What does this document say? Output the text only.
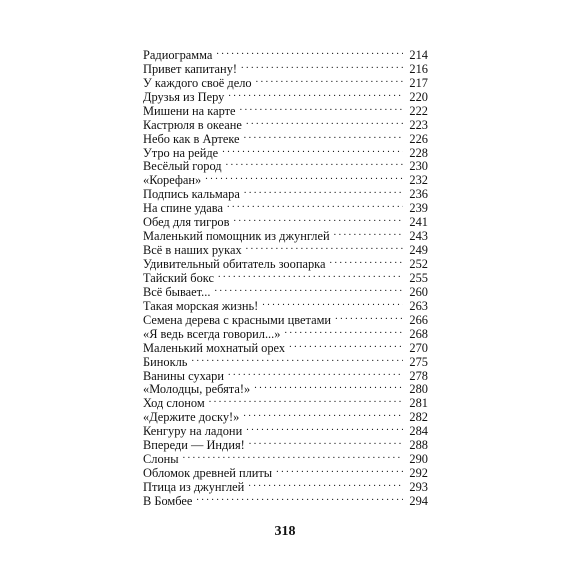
Радиограмма . . .	214
Привет капитану! . . .	216
У каждого своё дело . . .	217
Друзья из Перу . . .	220
Мишени на карте . . .	222
Кастрюля в океане . . .	223
Небо как в Артеке . . .	226
Утро на рейде . . .	228
Весёлый город . . .	230
«Корефан» . . .	232
Подпись кальмара . . .	236
На спине удава . . .	239
Обед для тигров . . .	241
Маленький помощник из джунглей . . .	243
Всё в наших руках . . .	249
Удивительный обитатель зоопарка . . .	252
Тайский бокс . . .	255
Всё бывает... . . .	260
Такая морская жизнь! . . .	263
Семена дерева с красными цветами . . .	266
«Я ведь всегда говорил...» . . .	268
Маленький мохнатый орех . . .	270
Бинокль . . .	275
Ванины сухари . . .	278
«Молодцы, ребята!» . . .	280
Ход слоном . . .	281
«Держите доску!» . . .	282
Кенгуру на ладони . . .	284
Впереди — Индия! . . .	288
Слоны . . .	290
Обломок древней плиты . . .	292
Птица из джунглей . . .	293
В Бомбее . . .	294
318
